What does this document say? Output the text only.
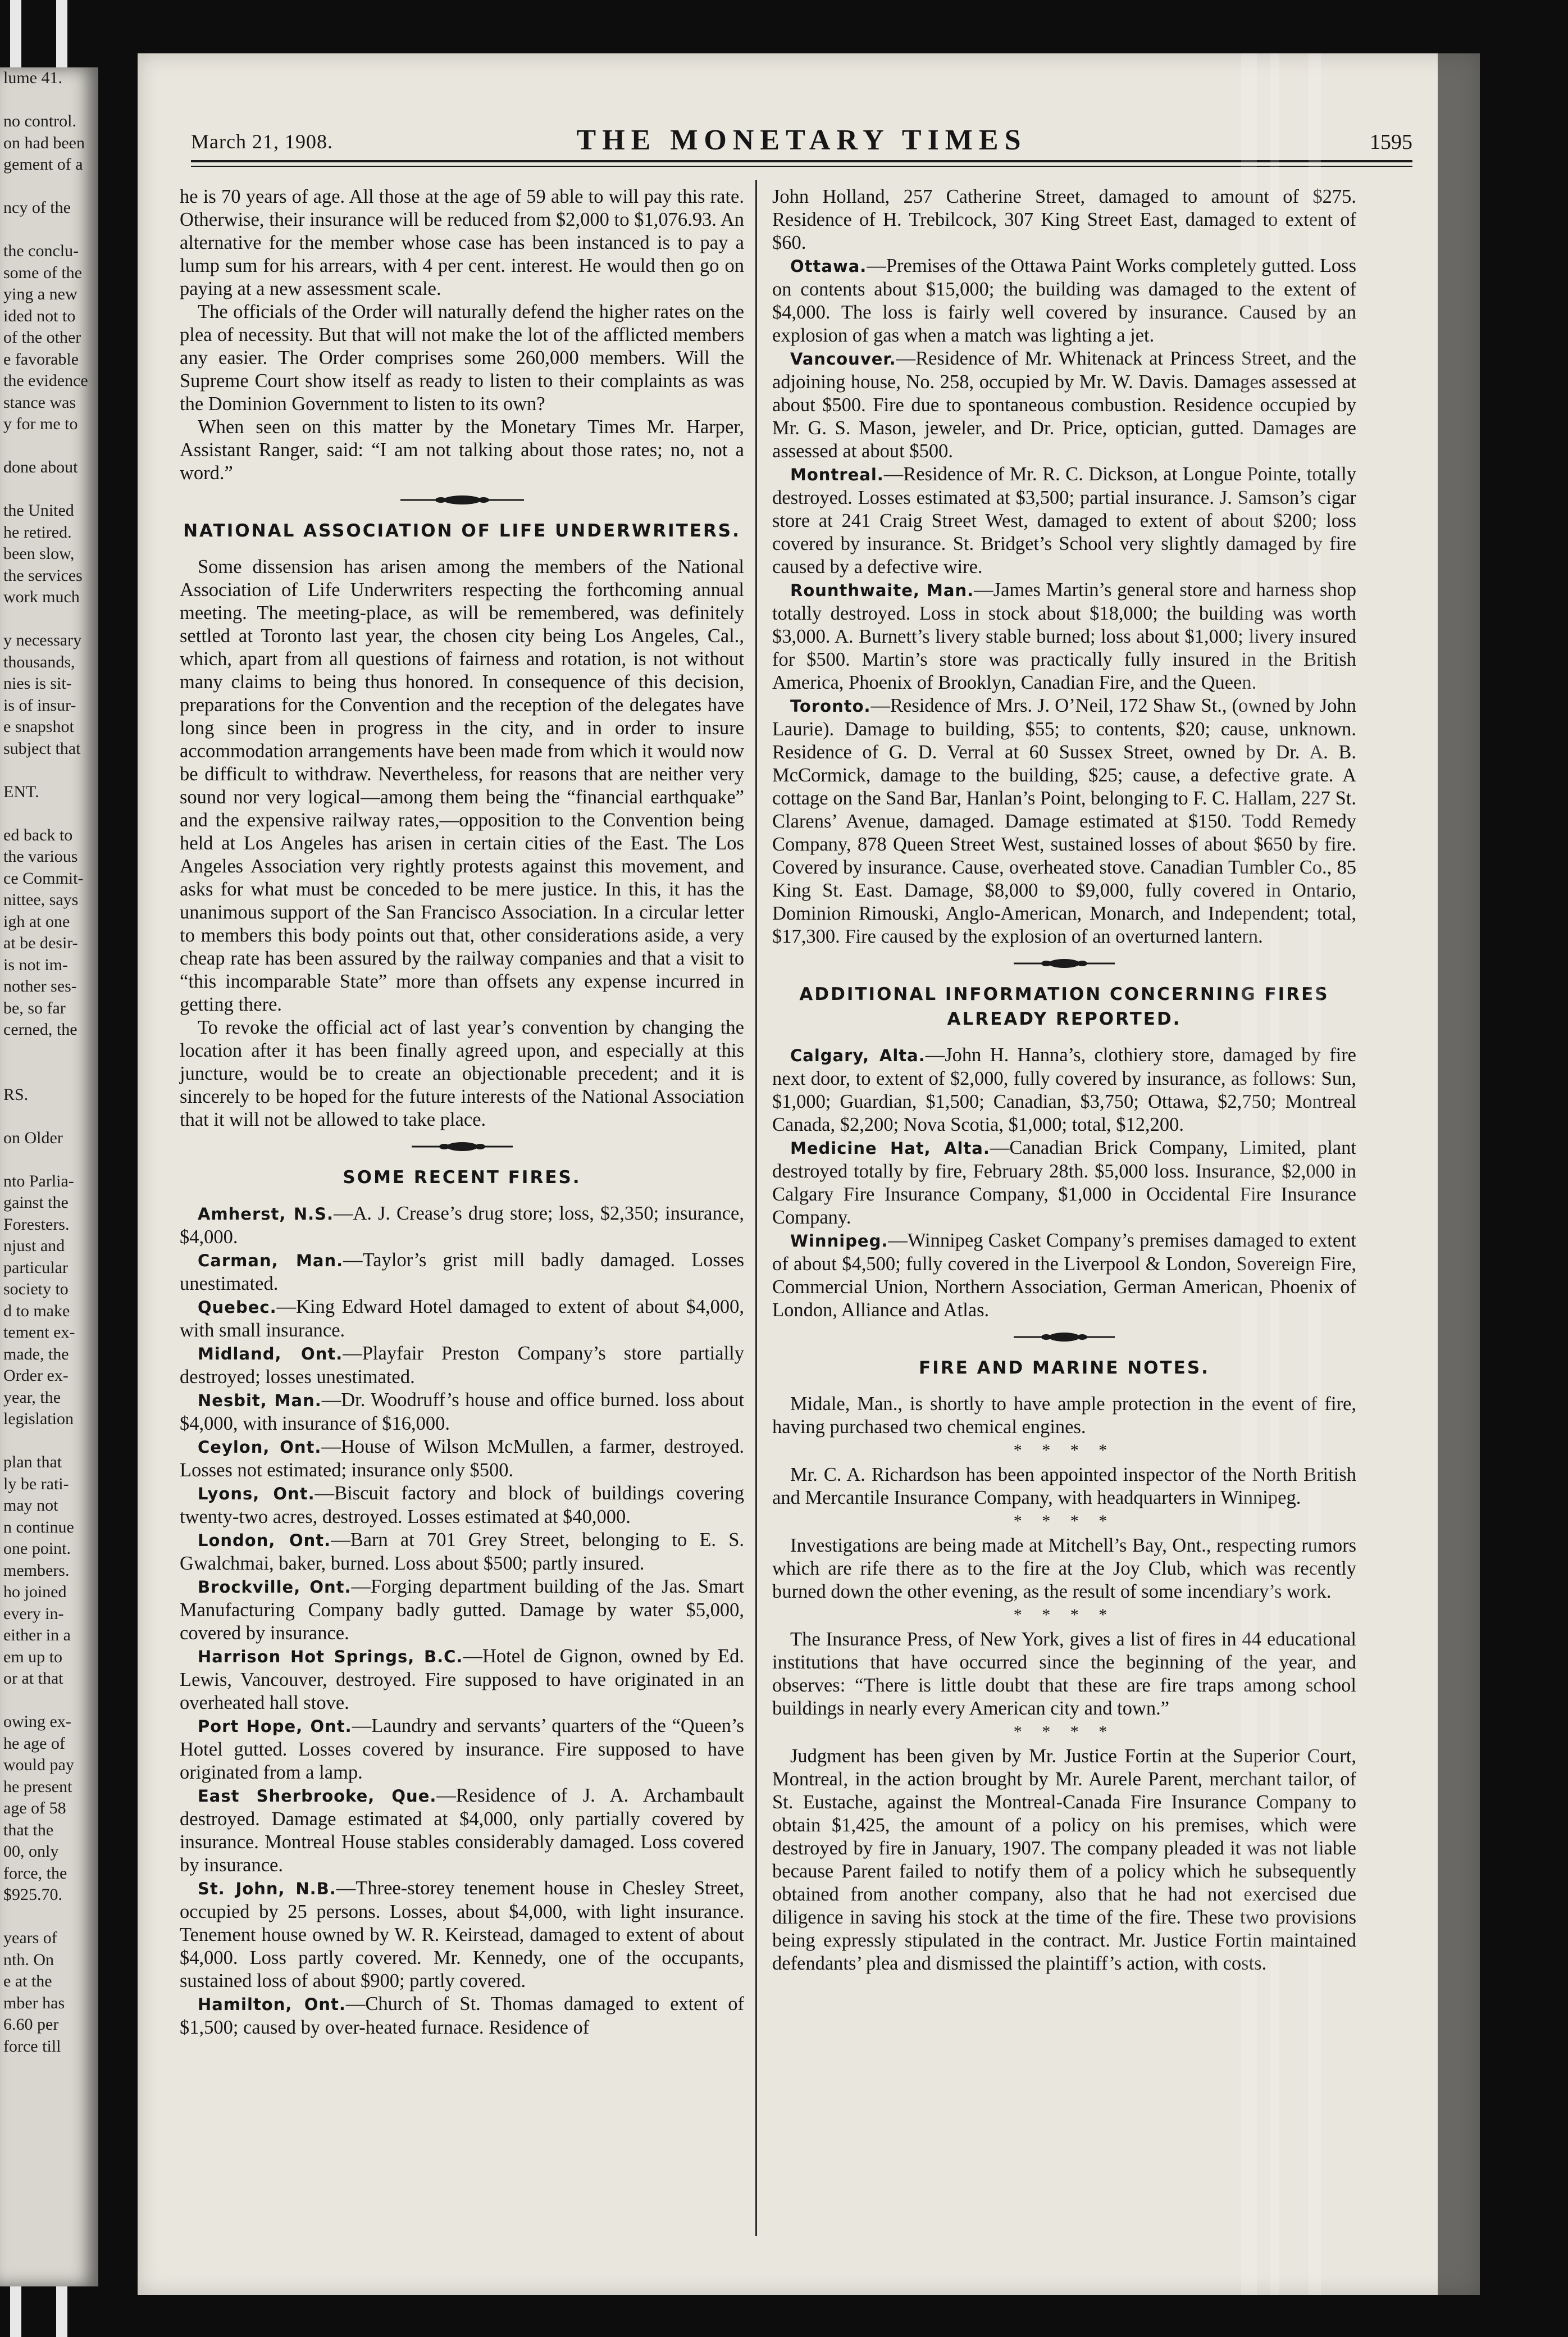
lume 41.
no control.
on had been
gement of a
ncy of the
the conclu-
some of the
ying a new
ided not to
of the other
e favorable
the evidence
stance was
y for me to
done about
the United
he retired.
been slow,
the services
work much
y necessary
thousands,
nies is sit-
is of insur-
e snapshot
subject that
ENT.
ed back to
the various
ce Commit-
nittee, says
igh at one
at be desir-
is not im-
nother ses-
be, so far
cerned, the
RS.
on Older
nto Parlia-
gainst the
Foresters.
njust and
particular
society to
d to make
tement ex-
made, the
Order ex-
year, the
legislation
plan that
ly be rati-
may not
n continue
one point.
members.
ho joined
every in-
either in a
em up to
or at that
owing ex-
he age of
would pay
he present
age of 58
that the
00, only
force, the
$925.70.
years of
nth. On
e at the
mber has
6.60 per
force till
March 21, 1908.	THE MONETARY TIMES	1595

he is 70 years of age. All those at the age of 59 able to will pay this rate. Otherwise, their insurance will be reduced from $2,000 to $1,076.93. An alternative for the member whose case has been instanced is to pay a lump sum for his arrears, with 4 per cent. interest. He would then go on paying at a new assessment scale.

The officials of the Order will naturally defend the higher rates on the plea of necessity. But that will not make the lot of the afflicted members any easier. The Order comprises some 260,000 members. Will the Supreme Court show itself as ready to listen to their complaints as was the Dominion Government to listen to its own?

When seen on this matter by the Monetary Times Mr. Harper, Assistant Ranger, said: “I am not talking about those rates; no, not a word.”

NATIONAL ASSOCIATION OF LIFE UNDERWRITERS.

Some dissension has arisen among the members of the National Association of Life Underwriters respecting the forthcoming annual meeting. The meeting-place, as will be remembered, was definitely settled at Toronto last year, the chosen city being Los Angeles, Cal., which, apart from all questions of fairness and rotation, is not without many claims to being thus honored. In consequence of this decision, preparations for the Convention and the reception of the delegates have long since been in progress in the city, and in order to insure accommodation arrangements have been made from which it would now be difficult to withdraw. Nevertheless, for reasons that are neither very sound nor very logical—among them being the “financial earthquake” and the expensive railway rates,—opposition to the Convention being held at Los Angeles has arisen in certain cities of the East. The Los Angeles Association very rightly protests against this movement, and asks for what must be conceded to be mere justice. In this, it has the unanimous support of the San Francisco Association. In a circular letter to members this body points out that, other considerations aside, a very cheap rate has been assured by the railway companies and that a visit to “this incomparable State” more than offsets any expense incurred in getting there.

To revoke the official act of last year’s convention by changing the location after it has been finally agreed upon, and especially at this juncture, would be to create an objectionable precedent; and it is sincerely to be hoped for the future interests of the National Association that it will not be allowed to take place.

SOME RECENT FIRES.

Amherst, N.S.—A. J. Crease’s drug store; loss, $2,350; insurance, $4,000.

Carman, Man.—Taylor’s grist mill badly damaged. Losses unestimated.

Quebec.—King Edward Hotel damaged to extent of about $4,000, with small insurance.

Midland, Ont.—Playfair Preston Company’s store partially destroyed; losses unestimated.

Nesbit, Man.—Dr. Woodruff’s house and office burned. loss about $4,000, with insurance of $16,000.

Ceylon, Ont.—House of Wilson McMullen, a farmer, destroyed. Losses not estimated; insurance only $500.

Lyons, Ont.—Biscuit factory and block of buildings covering twenty-two acres, destroyed. Losses estimated at $40,000.

London, Ont.—Barn at 701 Grey Street, belonging to E. S. Gwalchmai, baker, burned. Loss about $500; partly insured.

Brockville, Ont.—Forging department building of the Jas. Smart Manufacturing Company badly gutted. Damage by water $5,000, covered by insurance.

Harrison Hot Springs, B.C.—Hotel de Gignon, owned by Ed. Lewis, Vancouver, destroyed. Fire supposed to have originated in an overheated hall stove.

Port Hope, Ont.—Laundry and servants’ quarters of the “Queen’s Hotel gutted. Losses covered by insurance. Fire supposed to have originated from a lamp.

East Sherbrooke, Que.—Residence of J. A. Archambault destroyed. Damage estimated at $4,000, only partially covered by insurance. Montreal House stables considerably damaged. Loss covered by insurance.

St. John, N.B.—Three-storey tenement house in Chesley Street, occupied by 25 persons. Losses, about $4,000, with light insurance. Tenement house owned by W. R. Keirstead, damaged to extent of about $4,000. Loss partly covered. Mr. Kennedy, one of the occupants, sustained loss of about $900; partly covered.

Hamilton, Ont.—Church of St. Thomas damaged to extent of $1,500; caused by over-heated furnace. Residence of

John Holland, 257 Catherine Street, damaged to amount of $275. Residence of H. Trebilcock, 307 King Street East, damaged to extent of $60.

Ottawa.—Premises of the Ottawa Paint Works completely gutted. Loss on contents about $15,000; the building was damaged to the extent of $4,000. The loss is fairly well covered by insurance. Caused by an explosion of gas when a match was lighting a jet.

Vancouver.—Residence of Mr. Whitenack at Princess Street, and the adjoining house, No. 258, occupied by Mr. W. Davis. Damages assessed at about $500. Fire due to spontaneous combustion. Residence occupied by Mr. G. S. Mason, jeweler, and Dr. Price, optician, gutted. Damages are assessed at about $500.

Montreal.—Residence of Mr. R. C. Dickson, at Longue Pointe, totally destroyed. Losses estimated at $3,500; partial insurance. J. Samson’s cigar store at 241 Craig Street West, damaged to extent of about $200; loss covered by insurance. St. Bridget’s School very slightly damaged by fire caused by a defective wire.

Rounthwaite, Man.—James Martin’s general store and harness shop totally destroyed. Loss in stock about $18,000; the building was worth $3,000. A. Burnett’s livery stable burned; loss about $1,000; livery insured for $500. Martin’s store was practically fully insured in the British America, Phoenix of Brooklyn, Canadian Fire, and the Queen.

Toronto.—Residence of Mrs. J. O’Neil, 172 Shaw St., (owned by John Laurie). Damage to building, $55; to contents, $20; cause, unknown. Residence of G. D. Verral at 60 Sussex Street, owned by Dr. A. B. McCormick, damage to the building, $25; cause, a defective grate. A cottage on the Sand Bar, Hanlan’s Point, belonging to F. C. Hallam, 227 St. Clarens’ Avenue, damaged. Damage estimated at $150. Todd Remedy Company, 878 Queen Street West, sustained losses of about $650 by fire. Covered by insurance. Cause, overheated stove. Canadian Tumbler Co., 85 King St. East. Damage, $8,000 to $9,000, fully covered in Ontario, Dominion Rimouski, Anglo-American, Monarch, and Independent; total, $17,300. Fire caused by the explosion of an overturned lantern.

ADDITIONAL INFORMATION CONCERNING FIRES ALREADY REPORTED.

Calgary, Alta.—John H. Hanna’s, clothiery store, damaged by fire next door, to extent of $2,000, fully covered by insurance, as follows: Sun, $1,000; Guardian, $1,500; Canadian, $3,750; Ottawa, $2,750; Montreal Canada, $2,200; Nova Scotia, $1,000; total, $12,200.

Medicine Hat, Alta.—Canadian Brick Company, Limited, plant destroyed totally by fire, February 28th. $5,000 loss. Insurance, $2,000 in Calgary Fire Insurance Company, $1,000 in Occidental Fire Insurance Company.

Winnipeg.—Winnipeg Casket Company’s premises damaged to extent of about $4,500; fully covered in the Liverpool & London, Sovereign Fire, Commercial Union, Northern Association, German American, Phoenix of London, Alliance and Atlas.

FIRE AND MARINE NOTES.

Midale, Man., is shortly to have ample protection in the event of fire, having purchased two chemical engines.

* * * *

Mr. C. A. Richardson has been appointed inspector of the North British and Mercantile Insurance Company, with headquarters in Winnipeg.

* * * *

Investigations are being made at Mitchell’s Bay, Ont., respecting rumors which are rife there as to the fire at the Joy Club, which was recently burned down the other evening, as the result of some incendiary’s work.

* * * *

The Insurance Press, of New York, gives a list of fires in 44 educational institutions that have occurred since the beginning of the year, and observes: “There is little doubt that these are fire traps among school buildings in nearly every American city and town.”

* * * *

Judgment has been given by Mr. Justice Fortin at the Superior Court, Montreal, in the action brought by Mr. Aurele Parent, merchant tailor, of St. Eustache, against the Montreal-Canada Fire Insurance Company to obtain $1,425, the amount of a policy on his premises, which were destroyed by fire in January, 1907. The company pleaded it was not liable because Parent failed to notify them of a policy which he subsequently obtained from another company, also that he had not exercised due diligence in saving his stock at the time of the fire. These two provisions being expressly stipulated in the contract. Mr. Justice Fortin maintained defendants’ plea and dismissed the plaintiff’s action, with costs.
